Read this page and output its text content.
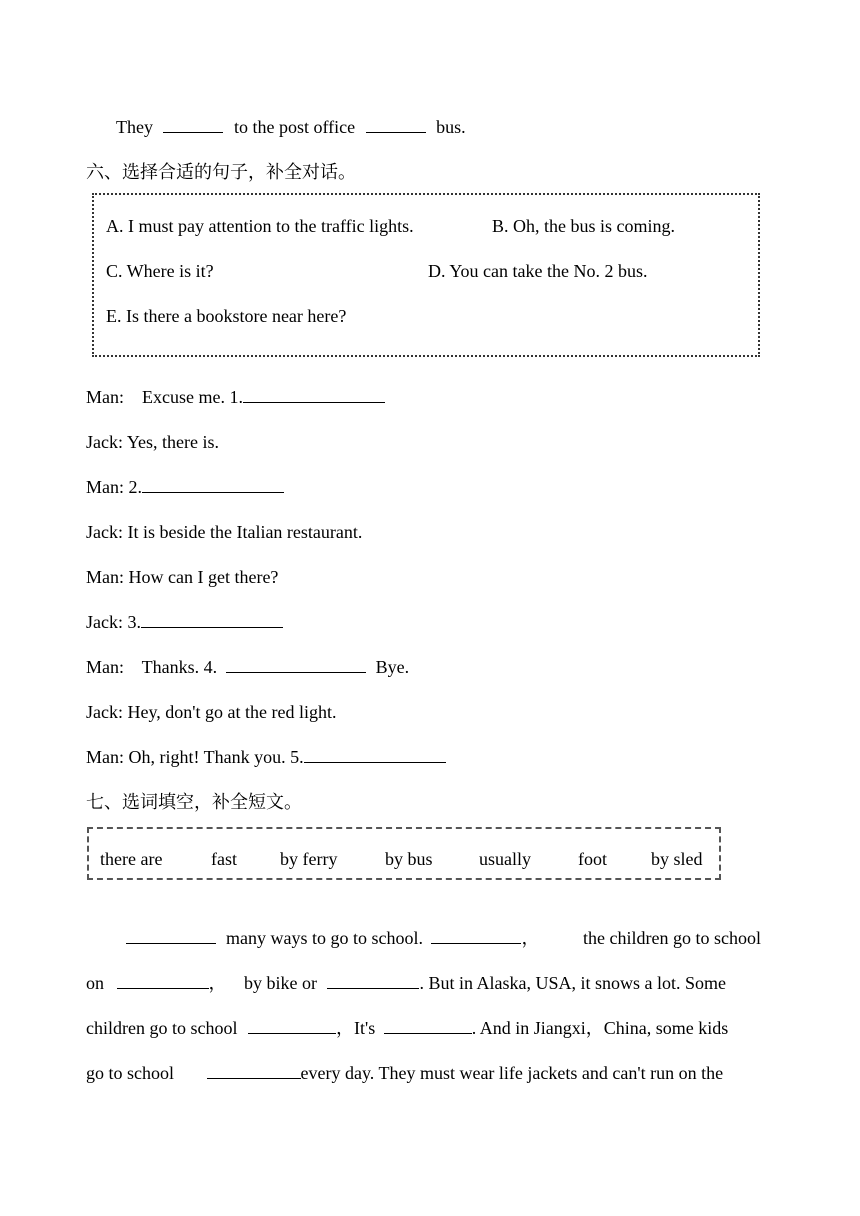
They	to the post office	bus.
六、选择合适的句子，补全对话。
A. I must pay attention to the traffic lights.	B. Oh, the bus is coming.
C. Where is it?	D. You can take the No. 2 bus.
E. Is there a bookstore near here?
Man:    Excuse me. 1.
Jack: Yes, there is.
Man: 2.
Jack: It is beside the Italian restaurant.
Man: How can I get there?
Jack: 3.
Man:    Thanks. 4.	Bye.
Jack: Hey, don't go at the red light.
Man: Oh, right! Thank you. 5.
七、选词填空，补全短文。
there are	fast by ferry	by bus	usually	foot by sled
many ways to go to school.	， the children go to school
on	， by bike or	. But in Alaska, USA, it snows a lot. Some
children go to school	，It's	. And in Jiangxi，China, some kids
go to school	every day. They must wear life jackets and can't run on the
